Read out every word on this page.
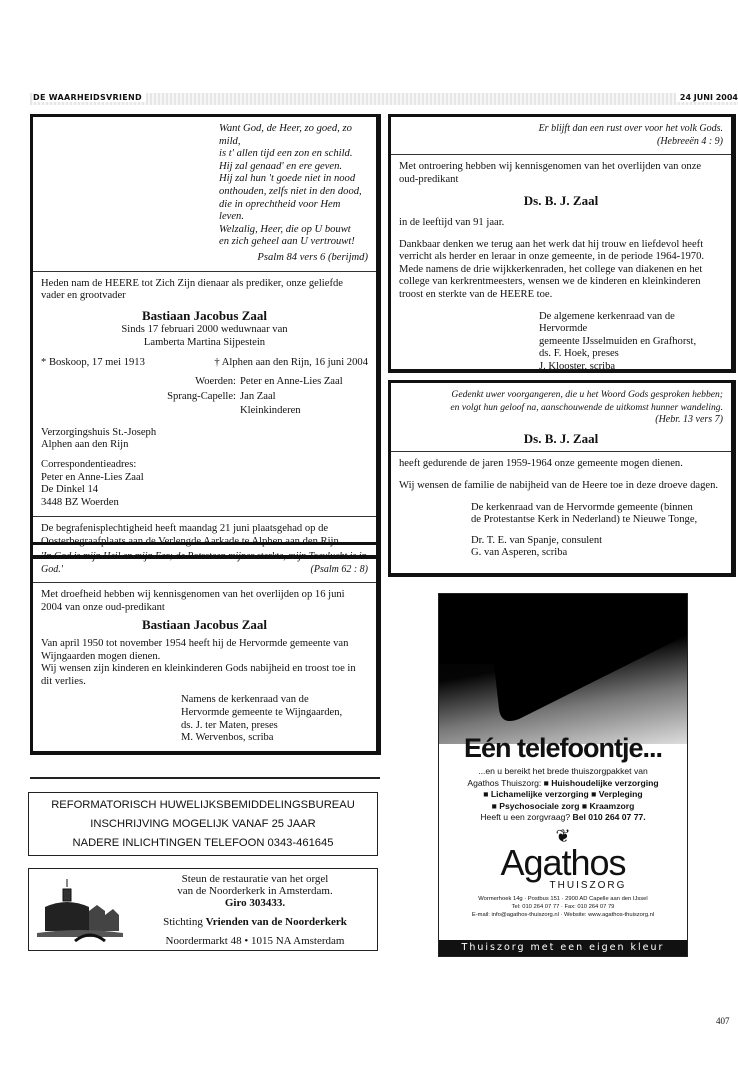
DE WAARHEIDSVRIEND	24 JUNI 2004
Want God, de Heer, zo goed, zo mild,
is t' allen tijd een zon en schild.
Hij zal genaad' en ere geven.
Hij zal hun 't goede niet in nood
onthouden, zelfs niet in den dood,
die in oprechtheid voor Hem leven.
Welzalig, Heer, die op U bouwt
en zich geheel aan U vertrouwt!
Psalm 84 vers 6 (berijmd)

Heden nam de HEERE tot Zich Zijn dienaar als prediker, onze geliefde vader en grootvader

Bastiaan Jacobus Zaal
Sinds 17 februari 2000 weduwnaar van
Lamberta Martina Sijpestein
* Boskoop, 17 mei 1913	† Alphen aan den Rijn, 16 juni 2004
Woerden: Peter en Anne-Lies Zaal
Sprang-Capelle: Jan Zaal
Kleinkinderen

Verzorgingshuis St.-Joseph
Alphen aan den Rijn

Correspondentieadres:
Peter en Anne-Lies Zaal
De Dinkel 14
3448 BZ Woerden

De begrafenisplechtigheid heeft maandag 21 juni plaatsgehad op de Oosterbegraafplaats aan de Verlengde Aarkade te Alphen aan den Rijn.
'In God is mijn Heil en mijn Eer; de Rotssteen mijner sterkte, mijn Toevlucht is in God.'	(Psalm 62 : 8)

Met droefheid hebben wij kennisgenomen van het overlijden op 16 juni 2004 van onze oud-predikant

Bastiaan Jacobus Zaal
Van april 1950 tot november 1954 heeft hij de Hervormde gemeente van Wijngaarden mogen dienen.

Wij wensen zijn kinderen en kleinkinderen Gods nabijheid en troost toe in dit verlies.

Namens de kerkenraad van de
Hervormde gemeente te Wijngaarden,
ds. J. ter Maten, preses
M. Wervenbos, scriba
REFORMATORISCH HUWELIJKSBEMIDDELINGSBUREAU
INSCHRIJVING MOGELIJK VANAF 25 JAAR
NADERE INLICHTINGEN TELEFOON 0343-461645
Steun de restauratie van het orgel
van de Noorderkerk in Amsterdam.
Giro 303433.
Stichting Vrienden van de Noorderkerk
Noordermarkt 48 • 1015 NA Amsterdam
Er blijft dan een rust over voor het volk Gods.
(Hebreeën 4 : 9)

Met ontroering hebben wij kennisgenomen van het overlijden van onze oud-predikant

Ds. B. J. Zaal

in de leeftijd van 91 jaar.

Dankbaar denken we terug aan het werk dat hij trouw en liefdevol heeft verricht als herder en leraar in onze gemeente, in de periode 1964-1970.

Mede namens de drie wijkkerkenraden, het college van diakenen en het college van kerkrentmeesters, wensen we de kinderen en kleinkinderen troost en sterkte van de HEERE toe.

De algemene kerkenraad van de Hervormde
gemeente IJsselmuiden en Grafhorst,
ds. F. Hoek, preses
J. Klooster, scriba
Gedenkt uwer voorgangeren, die u het Woord Gods gesproken hebben;
en volgt hun geloof na, aanschouwende de uitkomst hunner wandeling.
(Hebr. 13 vers 7)
Ds. B. J. Zaal

heeft gedurende de jaren 1959-1964 onze gemeente mogen dienen.

Wij wensen de familie de nabijheid van de Heere toe in deze droeve dagen.

De kerkenraad van de Hervormde gemeente (binnen
de Protestantse Kerk in Nederland) te Nieuwe Tonge,
Dr. T. E. van Spanje, consulent
G. van Asperen, scriba
Eén telefoontje...
...en u bereikt het brede thuiszorgpakket van
Agathos Thuiszorg: ■ Huishoudelijke verzorging
■ Lichamelijke verzorging ■ Verpleging
■ Psychosociale zorg ■ Kraamzorg
Heeft u een zorgvraag? Bel 010 264 07 77.
❦
Agathos
THUISZORG
Wormerhoek 14g · Postbus 151 · 2900 AD Capelle aan den IJssel
Tel: 010 264 07 77 · Fax: 010 264 07 79
E-mail: info@agathos-thuiszorg.nl · Website: www.agathos-thuiszorg.nl
Thuiszorg met een eigen kleur
407
